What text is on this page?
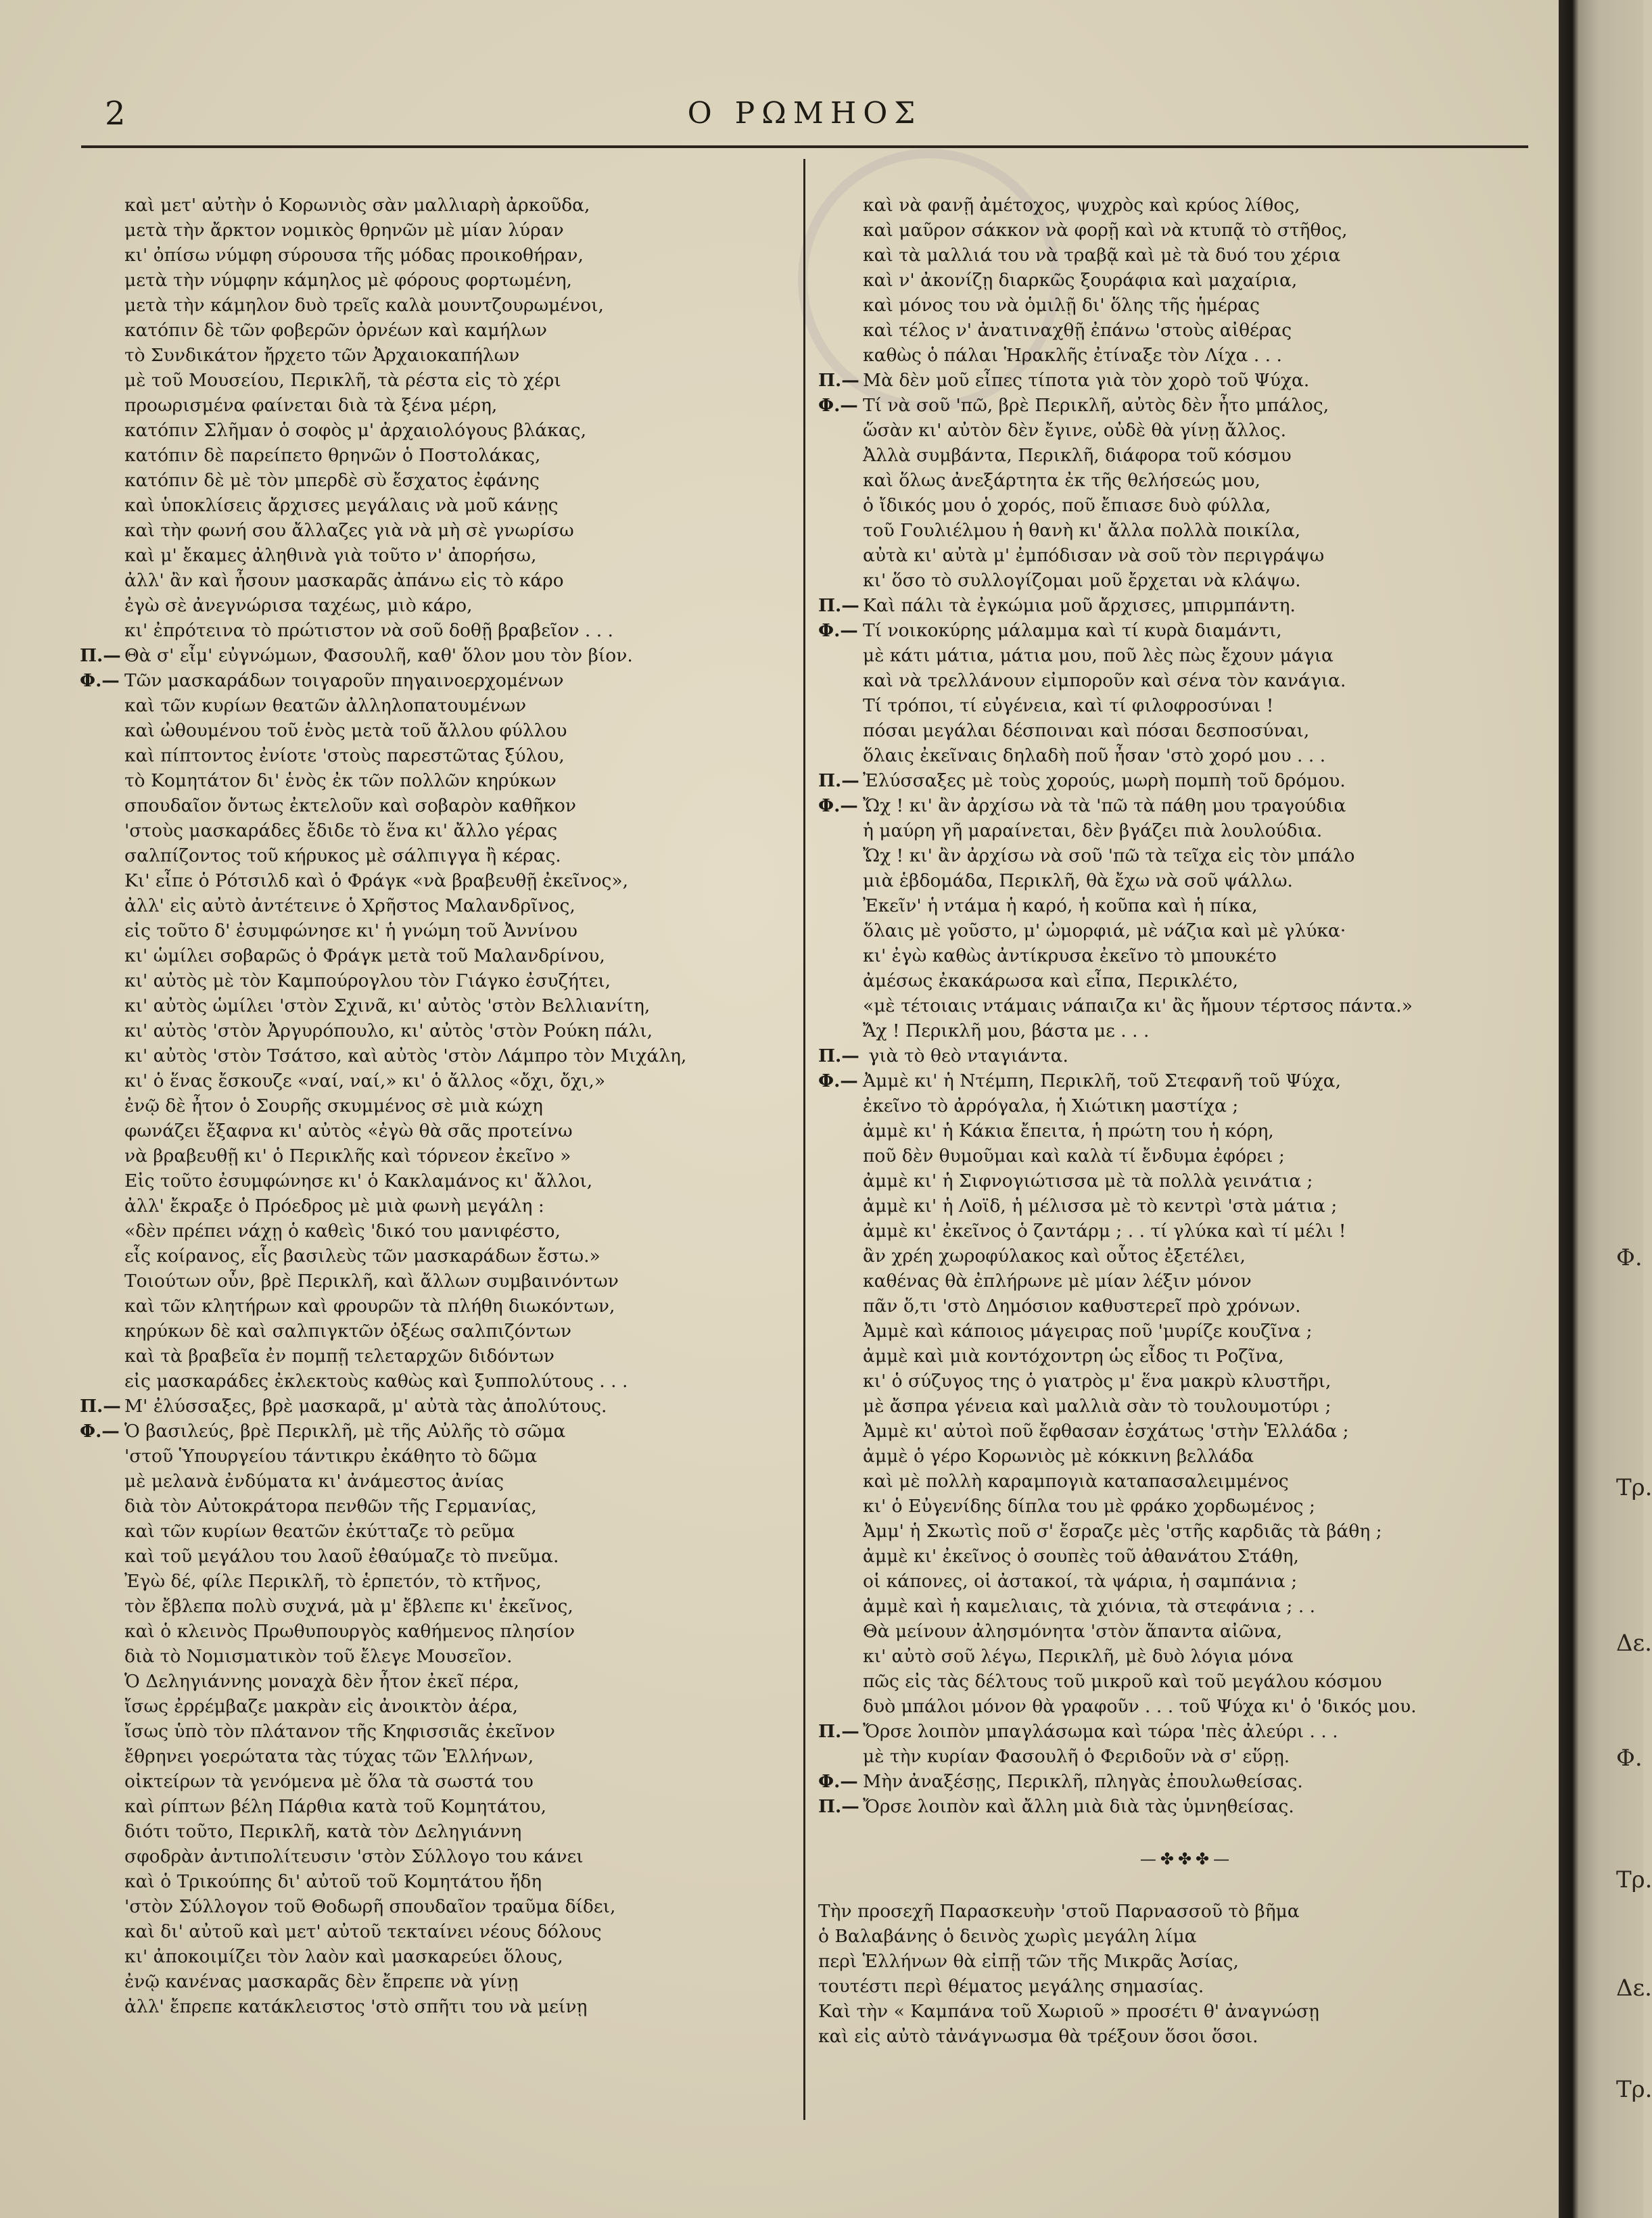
2	Ο ΡΩΜΗΟΣ
καὶ μετ' αὐτὴν ὁ Κορωνιὸς σὰν μαλλιαρὴ ἀρκοῦδα,
μετὰ τὴν ἄρκτον νομικὸς θρηνῶν μὲ μίαν λύραν
κι' ὀπίσω νύμφη σύρουσα τῆς μόδας προικοθήραν,
μετὰ τὴν νύμφην κάμηλος μὲ φόρους φορτωμένη,
μετὰ τὴν κάμηλον δυὸ τρεῖς καλὰ μουντζουρωμένοι,
κατόπιν δὲ τῶν φοβερῶν ὀρνέων καὶ καμήλων
τὸ Συνδικάτον ἤρχετο τῶν Ἀρχαιοκαπήλων
μὲ τοῦ Μουσείου, Περικλῆ, τὰ ρέστα εἰς τὸ χέρι
προωρισμένα φαίνεται διὰ τὰ ξένα μέρη,
κατόπιν Σλῆμαν ὁ σοφὸς μ' ἀρχαιολόγους βλάκας,
κατόπιν δὲ παρείπετο θρηνῶν ὁ Ποστολάκας,
κατόπιν δὲ μὲ τὸν μπερδὲ σὺ ἔσχατος ἐφάνης
καὶ ὑποκλίσεις ἄρχισες μεγάλαις νὰ μοῦ κάνῃς
καὶ τὴν φωνή σου ἄλλαζες γιὰ νὰ μὴ σὲ γνωρίσω
καὶ μ' ἔκαμες ἀληθινὰ γιὰ τοῦτο ν' ἀπορήσω,
ἀλλ' ἂν καὶ ἦσουν μασκαρᾶς ἀπάνω εἰς τὸ κάρο
ἐγὼ σὲ ἀνεγνώρισα ταχέως, μιὸ κάρο,
κι' ἐπρότεινα τὸ πρώτιστον νὰ σοῦ δοθῇ βραβεῖον . . .
Π.— Θὰ σ' εἶμ' εὐγνώμων, Φασουλῆ, καθ' ὅλον μου τὸν βίον.
Φ.— Τῶν μασκαράδων τοιγαροῦν πηγαινοερχομένων
καὶ τῶν κυρίων θεατῶν ἀλληλοπατουμένων
καὶ ὠθουμένου τοῦ ἑνὸς μετὰ τοῦ ἄλλου φύλλου
καὶ πίπτοντος ἐνίοτε 'στοὺς παρεστῶτας ξύλου,
τὸ Κομητάτον δι' ἑνὸς ἐκ τῶν πολλῶν κηρύκων
σπουδαῖον ὄντως ἐκτελοῦν καὶ σοβαρὸν καθῆκον
'στοὺς μασκαράδες ἔδιδε τὸ ἕνα κι' ἄλλο γέρας
σαλπίζοντος τοῦ κήρυκος μὲ σάλπιγγα ἢ κέρας.
Κι' εἶπε ὁ Ρότσιλδ καὶ ὁ Φράγκ «νὰ βραβευθῇ ἐκεῖνος»,
ἀλλ' εἰς αὐτὸ ἀντέτεινε ὁ Χρῆστος Μαλανδρῖνος,
εἰς τοῦτο δ' ἐσυμφώνησε κι' ἡ γνώμη τοῦ Ἀννίνου
κι' ὡμίλει σοβαρῶς ὁ Φράγκ μετὰ τοῦ Μαλανδρίνου,
κι' αὐτὸς μὲ τὸν Καμπούρογλου τὸν Γιάγκο ἐσυζήτει,
κι' αὐτὸς ὡμίλει 'στὸν Σχινᾶ, κι' αὐτὸς 'στὸν Βελλιανίτη,
κι' αὐτὸς 'στὸν Ἀργυρόπουλο, κι' αὐτὸς 'στὸν Ρούκη πάλι,
κι' αὐτὸς 'στὸν Τσάτσο, καὶ αὐτὸς 'στὸν Λάμπρο τὸν Μιχάλη,
κι' ὁ ἕνας ἔσκουζε «ναί, ναί,» κι' ὁ ἄλλος «ὄχι, ὄχι,»
ἐνῷ δὲ ἦτον ὁ Σουρῆς σκυμμένος σὲ μιὰ κώχη
φωνάζει ἔξαφνα κι' αὐτὸς «ἐγὼ θὰ σᾶς προτείνω
νὰ βραβευθῇ κι' ὁ Περικλῆς καὶ τόρνεον ἐκεῖνο »
Εἰς τοῦτο ἐσυμφώνησε κι' ὁ Κακλαμάνος κι' ἄλλοι,
ἀλλ' ἔκραξε ὁ Πρόεδρος μὲ μιὰ φωνὴ μεγάλη :
«δὲν πρέπει νάχῃ ὁ καθεὶς 'δικό του μανιφέστο,
εἷς κοίρανος, εἷς βασιλεὺς τῶν μασκαράδων ἔστω.»
Τοιούτων οὖν, βρὲ Περικλῆ, καὶ ἄλλων συμβαινόντων
καὶ τῶν κλητήρων καὶ φρουρῶν τὰ πλήθη διωκόντων,
κηρύκων δὲ καὶ σαλπιγκτῶν ὀξέως σαλπιζόντων
καὶ τὰ βραβεῖα ἐν πομπῇ τελεταρχῶν διδόντων
εἰς μασκαράδες ἐκλεκτοὺς καθὼς καὶ ξυππολύτους . . .
Π.— Μ' ἐλύσσαξες, βρὲ μασκαρᾶ, μ' αὐτὰ τὰς ἀπολύτους.
Φ.— Ὁ βασιλεύς, βρὲ Περικλῆ, μὲ τῆς Αὐλῆς τὸ σῶμα
'στοῦ Ὑπουργείου τάντικρυ ἐκάθητο τὸ δῶμα
μὲ μελανὰ ἐνδύματα κι' ἀνάμεστος ἀνίας
διὰ τὸν Αὐτοκράτορα πενθῶν τῆς Γερμανίας,
καὶ τῶν κυρίων θεατῶν ἐκύτταζε τὸ ρεῦμα
καὶ τοῦ μεγάλου του λαοῦ ἐθαύμαζε τὸ πνεῦμα.
Ἐγὼ δέ, φίλε Περικλῆ, τὸ ἑρπετόν, τὸ κτῆνος,
τὸν ἔβλεπα πολὺ συχνά, μὰ μ' ἔβλεπε κι' ἐκεῖνος,
καὶ ὁ κλεινὸς Πρωθυπουργὸς καθήμενος πλησίον
διὰ τὸ Νομισματικὸν τοῦ ἔλεγε Μουσεῖον.
Ὁ Δεληγιάννης μοναχὰ δὲν ἦτον ἐκεῖ πέρα,
ἴσως ἐρρέμβαζε μακρὰν εἰς ἀνοικτὸν ἀέρα,
ἴσως ὑπὸ τὸν πλάτανον τῆς Κηφισσιᾶς ἐκεῖνον
ἔθρηνει γοερώτατα τὰς τύχας τῶν Ἑλλήνων,
οἰκτείρων τὰ γενόμενα μὲ ὅλα τὰ σωστά του
καὶ ρίπτων βέλη Πάρθια κατὰ τοῦ Κομητάτου,
διότι τοῦτο, Περικλῆ, κατὰ τὸν Δεληγιάννη
σφοδρὰν ἀντιπολίτευσιν 'στὸν Σύλλογο του κάνει
καὶ ὁ Τρικούπης δι' αὐτοῦ τοῦ Κομητάτου ἤδη
'στὸν Σύλλογον τοῦ Θοδωρῆ σπουδαῖον τραῦμα δίδει,
καὶ δι' αὐτοῦ καὶ μετ' αὐτοῦ τεκταίνει νέους δόλους
κι' ἀποκοιμίζει τὸν λαὸν καὶ μασκαρεύει ὅλους,
ἐνῷ κανένας μασκαρᾶς δὲν ἔπρεπε νὰ γίνῃ
ἀλλ' ἔπρεπε κατάκλειστος 'στὸ σπῆτι του νὰ μείνῃ
καὶ νὰ φανῇ ἀμέτοχος, ψυχρὸς καὶ κρύος λίθος,
καὶ μαῦρον σάκκον νὰ φορῇ καὶ νὰ κτυπᾷ τὸ στῆθος,
καὶ τὰ μαλλιά του νὰ τραβᾷ καὶ μὲ τὰ δυό του χέρια
καὶ ν' ἀκονίζῃ διαρκῶς ξουράφια καὶ μαχαίρια,
καὶ μόνος του νὰ ὁμιλῇ δι' ὅλης τῆς ἡμέρας
καὶ τέλος ν' ἀνατιναχθῇ ἐπάνω 'στοὺς αἰθέρας
καθὼς ὁ πάλαι Ἡρακλῆς ἐτίναξε τὸν Λίχα . . .
Π.— Μὰ δὲν μοῦ εἶπες τίποτα γιὰ τὸν χορὸ τοῦ Ψύχα.
Φ.— Τί νὰ σοῦ 'πῶ, βρὲ Περικλῆ, αὐτὸς δὲν ἦτο μπάλος,
ὥσὰν κι' αὐτὸν δὲν ἔγινε, οὐδὲ θὰ γίνῃ ἄλλος.
Ἀλλὰ συμβάντα, Περικλῆ, διάφορα τοῦ κόσμου
καὶ ὅλως ἀνεξάρτητα ἐκ τῆς θελήσεώς μου,
ὁ ἴδικός μου ὁ χορός, ποῦ ἔπιασε δυὸ φύλλα,
τοῦ Γουλιέλμου ἡ θανὴ κι' ἄλλα πολλὰ ποικίλα,
αὐτὰ κι' αὐτὰ μ' ἐμπόδισαν νὰ σοῦ τὸν περιγράψω
κι' ὅσο τὸ συλλογίζομαι μοῦ ἔρχεται νὰ κλάψω.
Π.— Καὶ πάλι τὰ ἐγκώμια μοῦ ἄρχισες, μπιρμπάντη.
Φ.— Τί νοικοκύρης μάλαμμα καὶ τί κυρὰ διαμάντι,
μὲ κάτι μάτια, μάτια μου, ποῦ λὲς πὼς ἔχουν μάγια
καὶ νὰ τρελλάνουν εἰμποροῦν καὶ σένα τὸν κανάγια.
Τί τρόποι, τί εὐγένεια, καὶ τί φιλοφροσύναι !
πόσαι μεγάλαι δέσποιναι καὶ πόσαι δεσποσύναι,
ὅλαις ἐκεῖναις δηλαδὴ ποῦ ἦσαν 'στὸ χορό μου . . .
Π.— Ἐλύσσαξες μὲ τοὺς χορούς, μωρὴ πομπὴ τοῦ δρόμου.
Φ.— Ὤχ ! κι' ἂν ἀρχίσω νὰ τὰ 'πῶ τὰ πάθη μου τραγούδια
ἡ μαύρη γῆ μαραίνεται, δὲν βγάζει πιὰ λουλούδια.
Ὤχ ! κι' ἂν ἀρχίσω νὰ σοῦ 'πῶ τὰ τεῖχα εἰς τὸν μπάλο
μιὰ ἑβδομάδα, Περικλῆ, θὰ ἔχω νὰ σοῦ ψάλλω.
Ἐκεῖν' ἡ ντάμα ἡ καρό, ἡ κοῦπα καὶ ἡ πίκα,
ὅλαις μὲ γοῦστο, μ' ὠμορφιά, μὲ νάζια καὶ μὲ γλύκα·
κι' ἐγὼ καθὼς ἀντίκρυσα ἐκεῖνο τὸ μπουκέτο
ἀμέσως ἐκακάρωσα καὶ εἶπα, Περικλέτο,
«μὲ τέτοιαις ντάμαις νάπαιζα κι' ἂς ἤμουν τέρτσος πάντα.»
Ἄχ ! Περικλῆ μου, βάστα με . . .
Π.— γιὰ τὸ θεὸ νταγιάντα.
Φ.— Ἀμμὲ κι' ἡ Ντέμπη, Περικλῆ, τοῦ Στεφανῆ τοῦ Ψύχα,
ἐκεῖνο τὸ ἀρρόγαλα, ἡ Χιώτικη μαστίχα ;
ἀμμὲ κι' ἡ Κάκια ἔπειτα, ἡ πρώτη του ἡ κόρη,
ποῦ δὲν θυμοῦμαι καὶ καλὰ τί ἔνδυμα ἐφόρει ;
ἀμμὲ κι' ἡ Σιφνογιώτισσα μὲ τὰ πολλὰ γεινάτια ;
ἀμμὲ κι' ἡ Λοϊδ, ἡ μέλισσα μὲ τὸ κεντρὶ 'στὰ μάτια ;
ἀμμὲ κι' ἐκεῖνος ὁ ζαντάρμ ; . . τί γλύκα καὶ τί μέλι !
ἂν χρέη χωροφύλακος καὶ οὗτος ἐξετέλει,
καθένας θὰ ἐπλήρωνε μὲ μίαν λέξιν μόνον
πᾶν ὅ,τι 'στὸ Δημόσιον καθυστερεῖ πρὸ χρόνων.
Ἀμμὲ καὶ κάποιος μάγειρας ποῦ 'μυρίζε κουζῖνα ;
ἀμμὲ καὶ μιὰ κοντόχοντρη ὡς εἶδος τι Ροζῖνα,
κι' ὁ σύζυγος της ὁ γιατρὸς μ' ἕνα μακρὺ κλυστῆρι,
μὲ ἄσπρα γένεια καὶ μαλλιὰ σὰν τὸ τουλουμοτύρι ;
Ἀμμὲ κι' αὐτοὶ ποῦ ἔφθασαν ἐσχάτως 'στὴν Ἑλλάδα ;
ἀμμὲ ὁ γέρο Κορωνιὸς μὲ κόκκινη βελλάδα
καὶ μὲ πολλὴ καραμπογιὰ καταπασαλειμμένος
κι' ὁ Εὐγενίδης δίπλα του μὲ φράκο χορδωμένος ;
Ἀμμ' ἡ Σκωτὶς ποῦ σ' ἔσραζε μὲς 'στῆς καρδιᾶς τὰ βάθη ;
ἀμμὲ κι' ἐκεῖνος ὁ σουπὲς τοῦ ἀθανάτου Στάθη,
οἱ κάπονες, οἱ ἀστακοί, τὰ ψάρια, ἡ σαμπάνια ;
ἀμμὲ καὶ ἡ καμελιαις, τὰ χιόνια, τὰ στεφάνια ; . .
Θὰ μείνουν ἀλησμόνητα 'στὸν ἅπαντα αἰῶνα,
κι' αὐτὸ σοῦ λέγω, Περικλῆ, μὲ δυὸ λόγια μόνα
πῶς εἰς τὰς δέλτους τοῦ μικροῦ καὶ τοῦ μεγάλου κόσμου
δυὸ μπάλοι μόνον θὰ γραφοῦν . . . τοῦ Ψύχα κι' ὁ 'δικός μου.
Π.— Ὄρσε λοιπὸν μπαγλάσωμα καὶ τώρα 'πὲς ἀλεύρι . . .
μὲ τὴν κυρίαν Φασουλῆ ὁ Φεριδοῦν νὰ σ' εὕρῃ.
Φ.— Μὴν ἀναξέσῃς, Περικλῆ, πληγὰς ἐπουλωθείσας.
Π.— Ὄρσε λοιπὸν καὶ ἄλλη μιὰ διὰ τὰς ὑμνηθείσας.
—✤✤✤—
Τὴν προσεχῆ Παρασκευὴν 'στοῦ Παρνασσοῦ τὸ βῆμα
ὁ Βαλαβάνης ὁ δεινὸς χωρὶς μεγάλη λίμα
περὶ Ἑλλήνων θὰ εἰπῇ τῶν τῆς Μικρᾶς Ἀσίας,
τουτέστι περὶ θέματος μεγάλης σημασίας.
Καὶ τὴν « Καμπάνα τοῦ Χωριοῦ » προσέτι θ' ἀναγνώσῃ
καὶ εἰς αὐτὸ τἀνάγνωσμα θὰ τρέξουν ὅσοι ὅσοι.
Φ.
Τρ.
Δε.
Φ.
Τρ.
Δε.
Τρ.
